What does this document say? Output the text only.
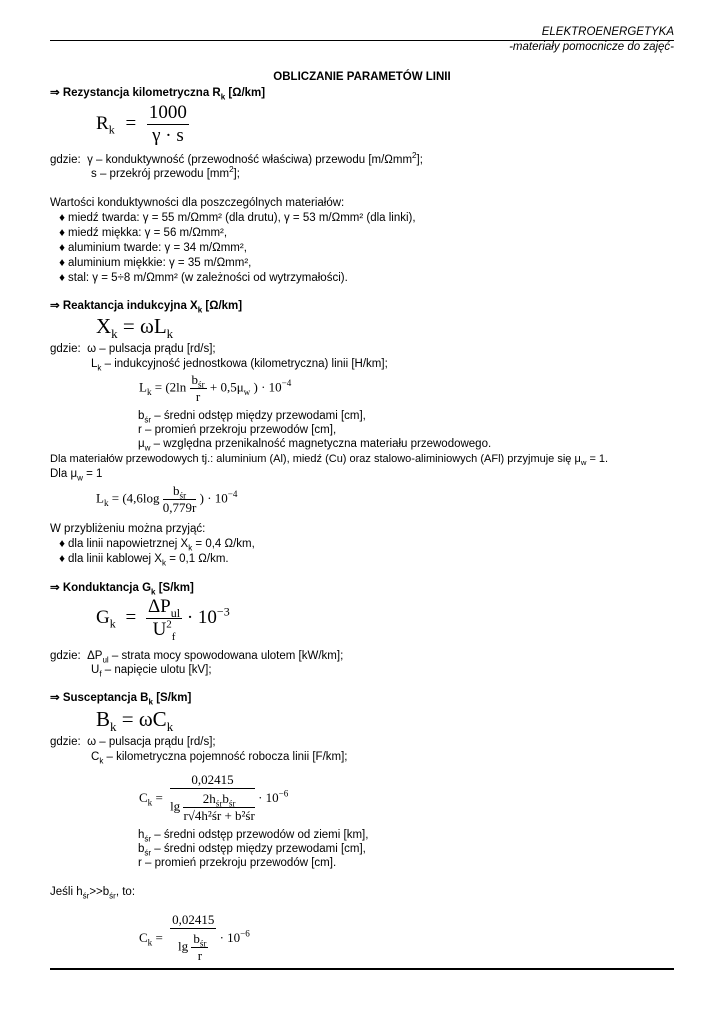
ELEKTROENERGETYKA
-materiały pomocnicze do zajęć-
OBLICZANIE PARAMETÓW LINII
⇒ Rezystancja kilometryczna $R_k$ [Ω/km]
$R_k = \frac{1000}{\gamma \cdot s}$
gdzie: γ – konduktywność (przewodność właściwa) przewodu [m/Ωmm$^2$];
s – przekrój przewodu $[mm^2]$;
Wartości konduktywności dla poszczególnych materiałów:
♦ miedź twarda: γ = 55 m/Ωmm² (dla drutu), γ = 53 m/Ωmm² (dla linki),
♦ miedź miękka: γ = 56 m/Ωmm²,
♦ aluminium twarde: γ = 34 m/Ωmm²,
♦ aluminium miękkie: γ = 35 m/Ωmm²,
♦ stal: γ = 5÷8 m/Ωmm² (w zależności od wytrzymałości).
⇒ Reaktancja indukcyjna $X_k$ [Ω/km]
$X_k = \omega L_k$
gdzie: ω – pulsacja prądu [rd/s];
$L_k$ – indukcyjność jednostkowa (kilometryczna) linii [H/km];
$L_k = (2\ln \frac{b_{śr}}{r} + 0,5\mu_w$ ) · $10^{-4}$
$b_{śr}$ – średni odstęp między przewodami [cm],
r – promień przekroju przewodów [cm],
$\mu_w$ – względna przenikalność magnetyczna materiału przewodowego.
Dla materiałów przewodowych tj.: aluminium (Al), miedź (Cu) oraz stalowo-aliminiowych (AFl) przyjmuje się $\mu_w = 1$.
Dla $\mu_w = 1$
$L_k = (4,6\log \frac{b_{śr}}{0,779r}$ ) · $10^{-4}$
W przybliżeniu można przyjąć:
♦ dla linii napowietrznej $X_k = 0,4$ Ω/km,
♦ dla linii kablowej $X_k = 0,1$ Ω/km.
⇒ Konduktancja $G_k$ [S/km]
$G_k = \frac{\Delta P_{ul}}{U^2_f} \cdot 10^{-3}$
gdzie: $\Delta P_{ul}$ – strata mocy spowodowana ulotem [kW/km];
$U_f$ – napięcie ulotu [kV];
⇒ Susceptancja $B_k$ [S/km]
$B_k = \omega C_k$
gdzie: ω – pulsacja prądu [rd/s];
$C_k$ – kilometryczna pojemność robocza linii [F/km];
$C_k = \frac{0,02415}{\lg \frac{2h_{śr}b_{śr}}{\text{r√4h²śr + b²śr}}} \cdot 10^{-6}$
$h_{śr}$ – średni odstęp przewodów od ziemi [km],
$b_{śr}$ – średni odstęp między przewodami [cm],
r – promień przekroju przewodów [cm].
Jeśli $h_{śr}>>b_{śr}$, to:
$C_k = \frac{0,02415}{\lg \frac{b_{śr}}{r}} \cdot 10^{-6}$
